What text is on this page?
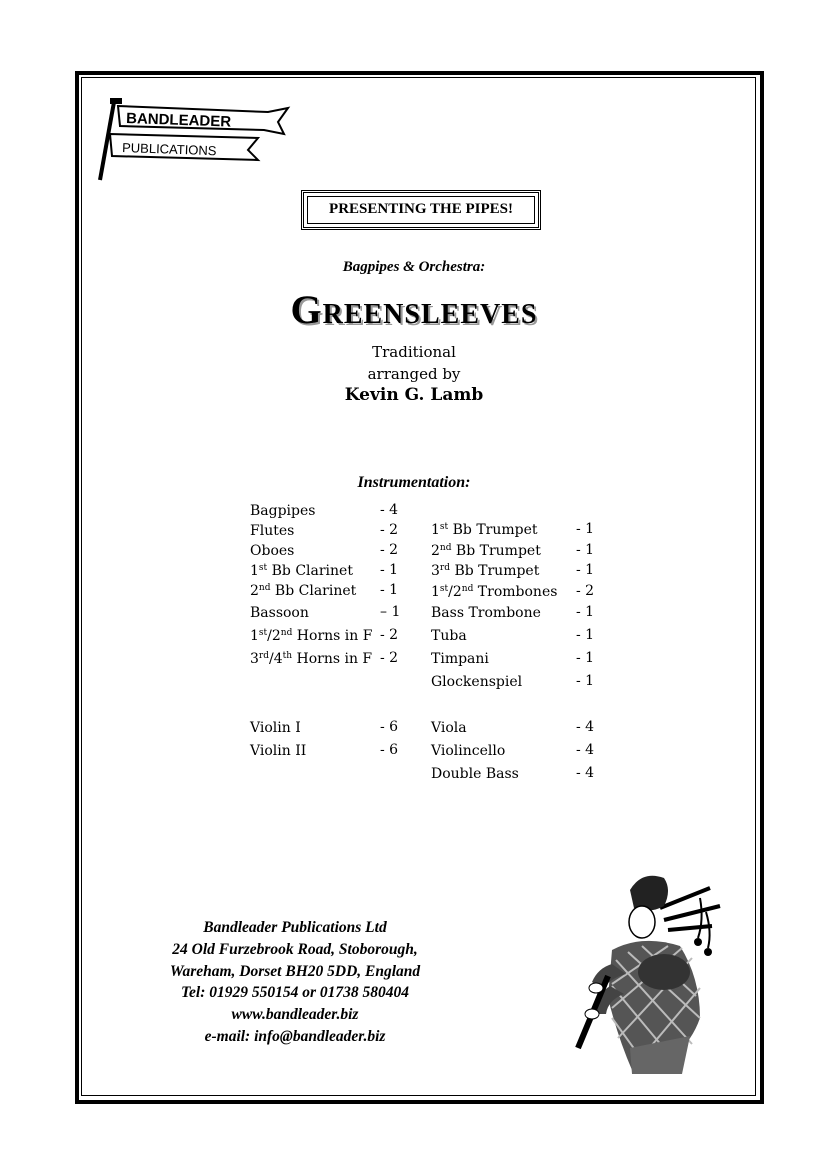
BANDLEADER
PUBLICATIONS
PRESENTING THE PIPES!
Bagpipes & Orchestra:
Greensleeves
Traditional
arranged by
Kevin G. Lamb
Instrumentation:
Bagpipes	- 4
Flutes	- 2
Oboes	- 2
1st Bb Clarinet - 1
2nd Bb Clarinet - 1
Bassoon	– 1
1st/2nd Horns in F - 2
3rd/4th Horns in F - 2
Violin I	- 6
Violin II	- 6
1st Bb Trumpet	- 1
2nd Bb Trumpet	- 1
3rd Bb Trumpet	- 1
1st/2nd Trombones - 2
Bass Trombone	- 1
Tuba	- 1
Timpani	- 1
Glockenspiel	- 1
Viola	- 4
Violincello	- 4
Double Bass	- 4
Bandleader Publications Ltd
24 Old Furzebrook Road, Stoborough,
Wareham, Dorset BH20 5DD, England
Tel: 01929 550154 or 01738 580404
www.bandleader.biz
e-mail: info@bandleader.biz
